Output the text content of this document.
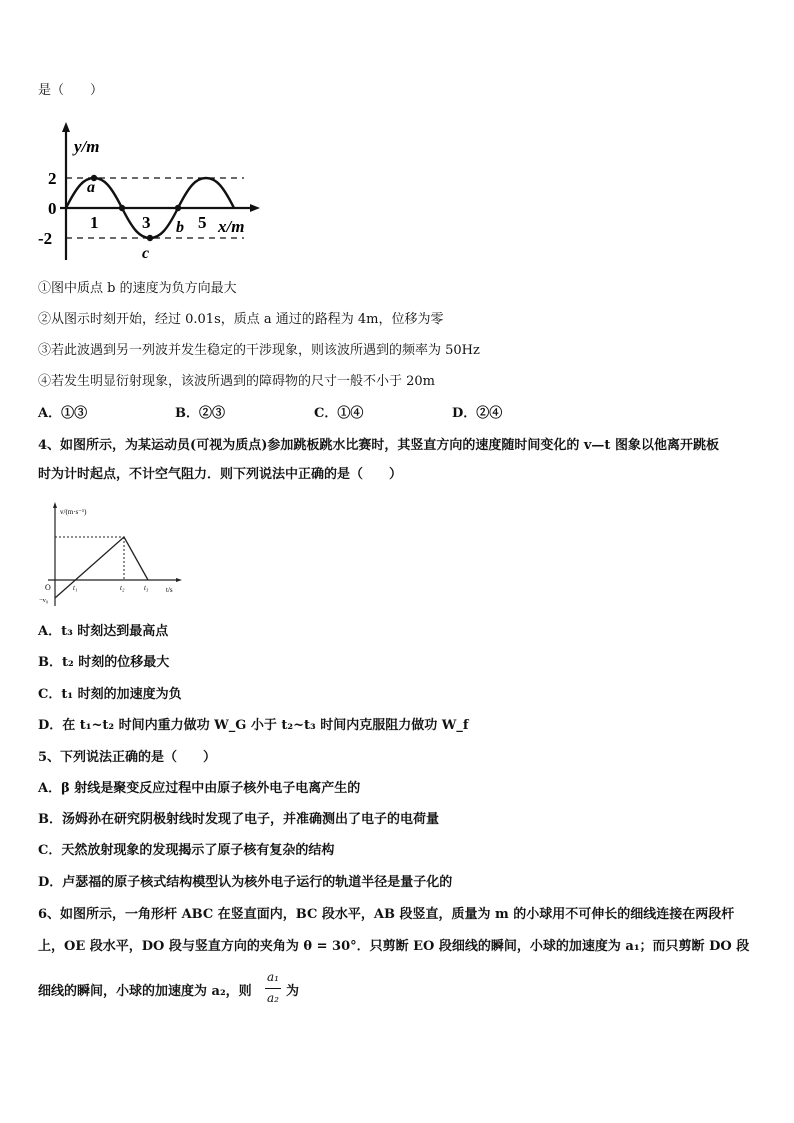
是（　　）
y/m
x/m
2
0
-2
1	3	5
a
b
c
①图中质点 b 的速度为负方向最大
②从图示时刻开始，经过 0.01s，质点 a 通过的路程为 4m，位移为零
③若此波遇到另一列波并发生稳定的干涉现象，则该波所遇到的频率为 50Hz
④若发生明显衍射现象，该波所遇到的障碍物的尺寸一般不小于 20m
A．①③	B．②③	C．①④	D．②④
4、如图所示，为某运动员(可视为质点)参加跳板跳水比赛时，其竖直方向的速度随时间变化的 v—t 图象以他离开跳板
时为计时起点，不计空气阻力．则下列说法中正确的是（　　）
v/(m·s⁻¹)
t/s
O
−v₀
t₁	t₂	t₃
A．t₃ 时刻达到最高点
B．t₂ 时刻的位移最大
C．t₁ 时刻的加速度为负
D．在 t₁~t₂ 时间内重力做功 W_G 小于 t₂~t₃ 时间内克服阻力做功 W_f
5、下列说法正确的是（　　）
A．β 射线是聚变反应过程中由原子核外电子电离产生的
B．汤姆孙在研究阴极射线时发现了电子，并准确测出了电子的电荷量
C．天然放射现象的发现揭示了原子核有复杂的结构
D．卢瑟福的原子核式结构模型认为核外电子运行的轨道半径是量子化的
6、如图所示，一角形杆 ABC 在竖直面内，BC 段水平，AB 段竖直，质量为 m 的小球用不可伸长的细线连接在两段杆
上，OE 段水平，DO 段与竖直方向的夹角为 θ = 30°．只剪断 EO 段细线的瞬间，小球的加速度为 a₁；而只剪断 DO 段
细线的瞬间，小球的加速度为 a₂，则
a₁
a₂ 为
